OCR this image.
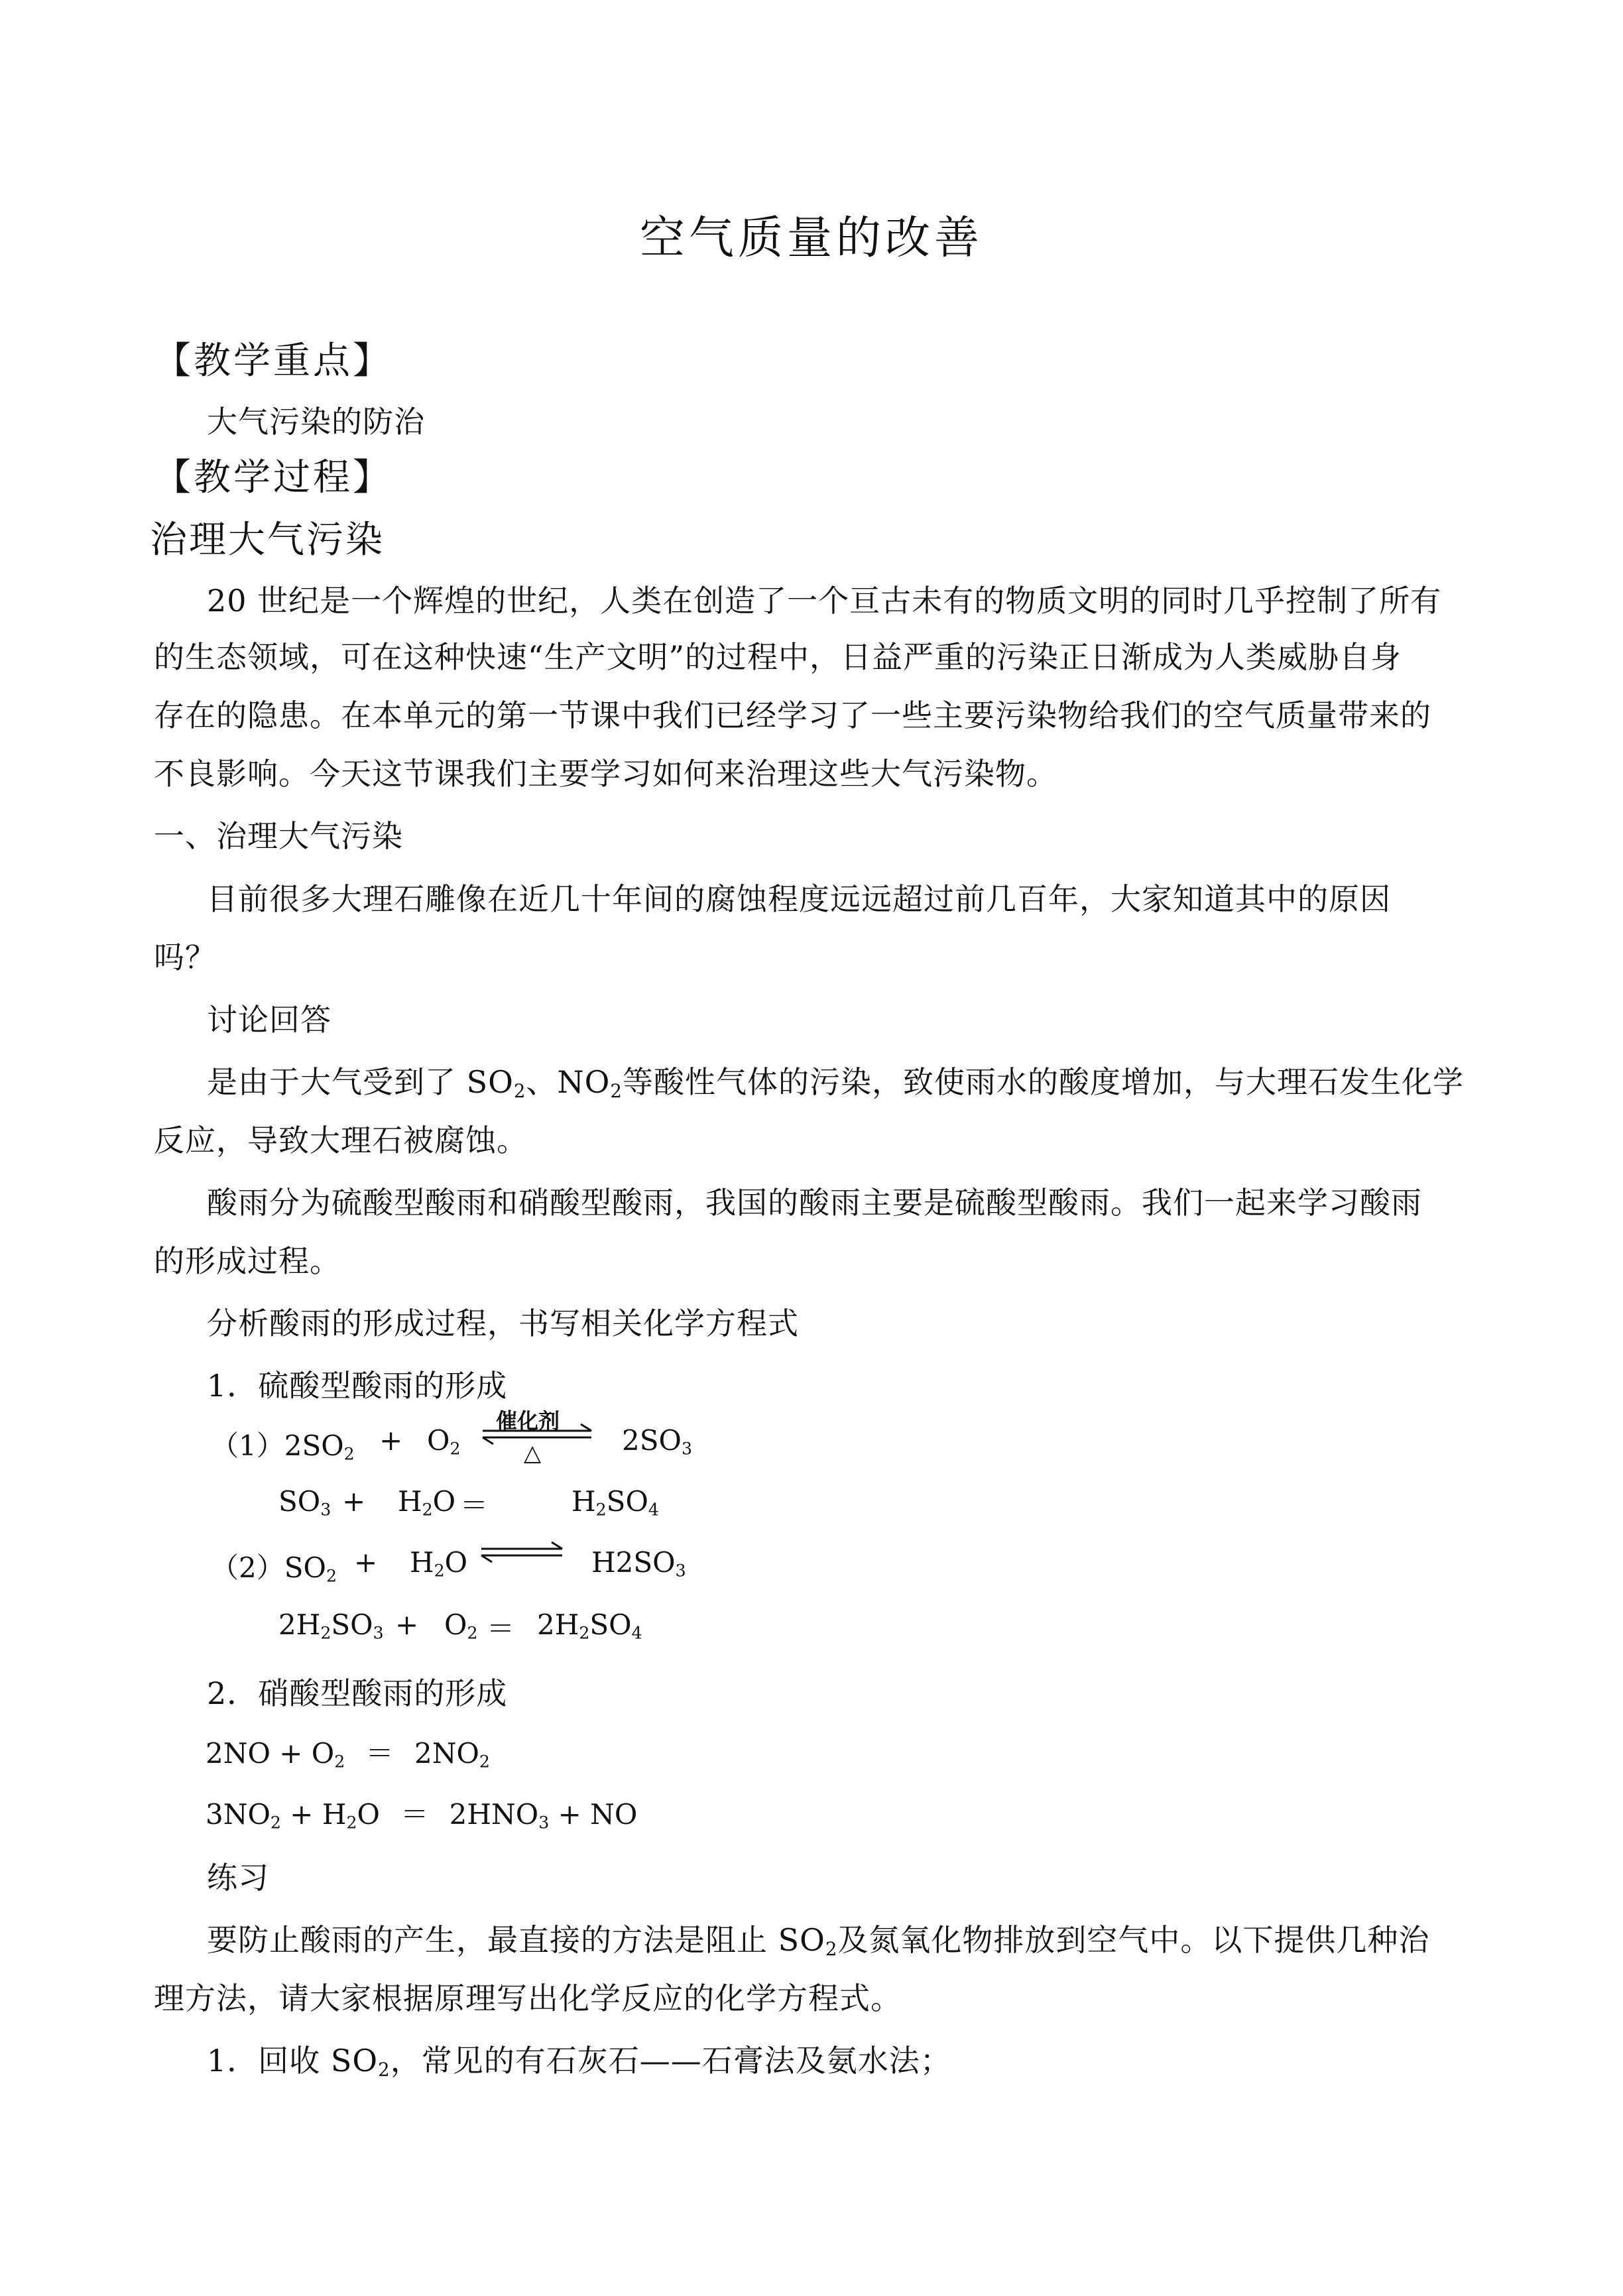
空气质量的改善
【教学重点】
大气污染的防治
【教学过程】
治理大气污染
20 世纪是一个辉煌的世纪，人类在创造了一个亘古未有的物质文明的同时几乎控制了所有
的生态领域，可在这种快速“生产文明”的过程中，日益严重的污染正日渐成为人类威胁自身
存在的隐患。在本单元的第一节课中我们已经学习了一些主要污染物给我们的空气质量带来的
不良影响。今天这节课我们主要学习如何来治理这些大气污染物。
一、治理大气污染
目前很多大理石雕像在近几十年间的腐蚀程度远远超过前几百年，大家知道其中的原因
吗？
讨论回答
是由于大气受到了 $SO_2$、$NO_2$等酸性气体的污染，致使雨水的酸度增加，与大理石发生化学
反应，导致大理石被腐蚀。
酸雨分为硫酸型酸雨和硝酸型酸雨，我国的酸雨主要是硫酸型酸雨。我们一起来学习酸雨
的形成过程。
分析酸雨的形成过程，书写相关化学方程式
1．硫酸型酸雨的形成
$(1)2SO_2 + O_2$
催化剂
△	$2SO_3$
$SO_3 + H_2O$ ＝	$H_2SO_4$
$(2)SO_2 + H_2O$	$H2SO_3$
$2H_2SO_3 + O_2 = 2H_2SO_4$
2．硝酸型酸雨的形成
$2NO + O_2 = 2NO_2$
$3NO_2 + H_2O = 2HNO_3$ + NO
练习
要防止酸雨的产生，最直接的方法是阻止 $SO_2$及氮氧化物排放到空气中。以下提供几种治
理方法，请大家根据原理写出化学反应的化学方程式。
1．回收 $SO_2$，常见的有石灰石——石膏法及氨水法；
